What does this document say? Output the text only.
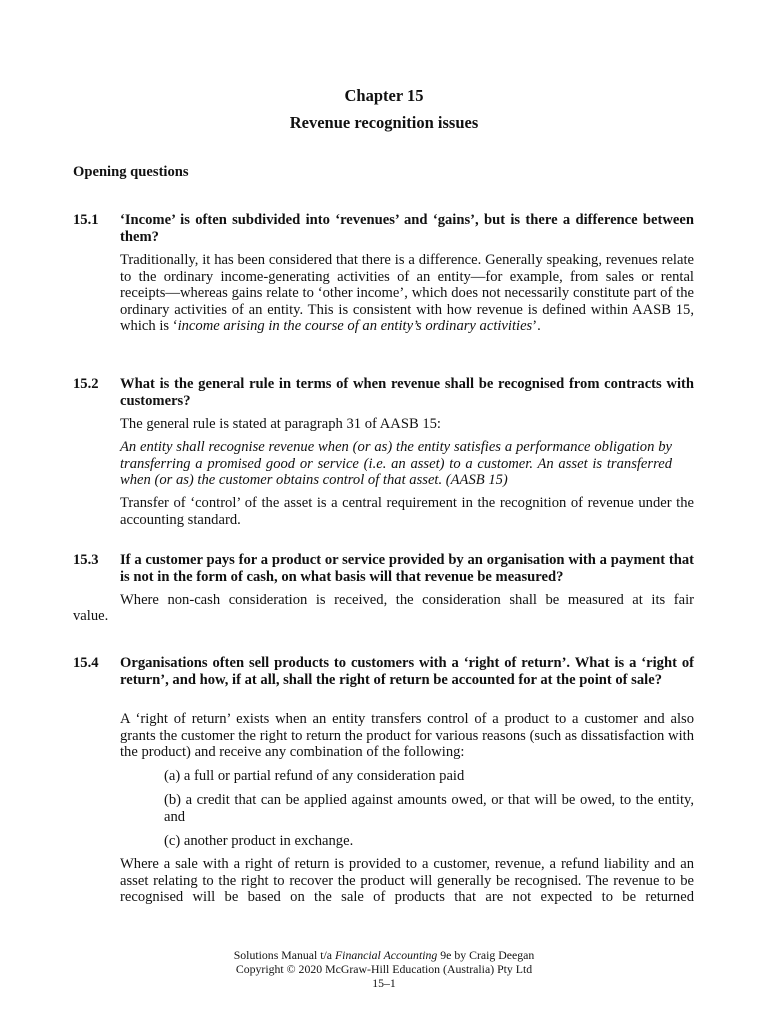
Chapter 15
Revenue recognition issues
Opening questions
15.1 ‘Income’ is often subdivided into ‘revenues’ and ‘gains’, but is there a difference between them?

Traditionally, it has been considered that there is a difference. Generally speaking, revenues relate to the ordinary income-generating activities of an entity—for example, from sales or rental receipts—whereas gains relate to ‘other income’, which does not necessarily constitute part of the ordinary activities of an entity. This is consistent with how revenue is defined within AASB 15, which is ‘income arising in the course of an entity’s ordinary activities’.

15.2 What is the general rule in terms of when revenue shall be recognised from contracts with customers?

The general rule is stated at paragraph 31 of AASB 15:

An entity shall recognise revenue when (or as) the entity satisfies a performance obligation by transferring a promised good or service (i.e. an asset) to a customer. An asset is transferred when (or as) the customer obtains control of that asset. (AASB 15)

Transfer of ‘control’ of the asset is a central requirement in the recognition of revenue under the accounting standard.

15.3 If a customer pays for a product or service provided by an organisation with a payment that is not in the form of cash, on what basis will that revenue be measured?

Where non-cash consideration is received, the consideration shall be measured at its fair

value.

15.4 Organisations often sell products to customers with a ‘right of return’. What is a ‘right of return’, and how, if at all, shall the right of return be accounted for at the point of sale?

A ‘right of return’ exists when an entity transfers control of a product to a customer and also grants the customer the right to return the product for various reasons (such as dissatisfaction with the product) and receive any combination of the following:

(a) a full or partial refund of any consideration paid

(b) a credit that can be applied against amounts owed, or that will be owed, to the entity, and

(c) another product in exchange.

Where a sale with a right of return is provided to a customer, revenue, a refund liability and an asset relating to the right to recover the product will generally be recognised. The revenue to be recognised will be based on the sale of products that are not expected to be returned

Solutions Manual t/a Financial Accounting 9e by Craig Deegan
Copyright © 2020 McGraw-Hill Education (Australia) Pty Ltd
15–1
